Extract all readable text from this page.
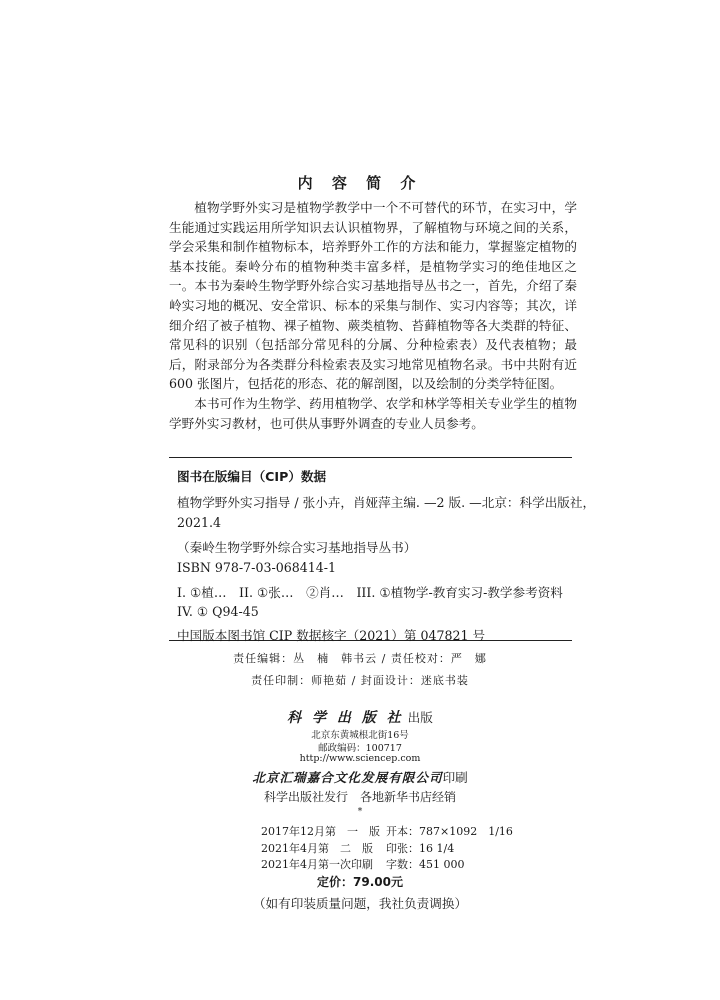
内 容 简 介

植物学野外实习是植物学教学中一个不可替代的环节，在实习中，学生能通过实践运用所学知识去认识植物界，了解植物与环境之间的关系，学会采集和制作植物标本，培养野外工作的方法和能力，掌握鉴定植物的基本技能。秦岭分布的植物种类丰富多样，是植物学实习的绝佳地区之一。本书为秦岭生物学野外综合实习基地指导丛书之一，首先，介绍了秦岭实习地的概况、安全常识、标本的采集与制作、实习内容等；其次，详细介绍了被子植物、裸子植物、蕨类植物、苔藓植物等各大类群的特征、常见科的识别（包括部分常见科的分属、分种检索表）及代表植物；最后，附录部分为各类群分科检索表及实习地常见植物名录。书中共附有近 600 张图片，包括花的形态、花的解剖图，以及绘制的分类学特征图。

本书可作为生物学、药用植物学、农学和林学等相关专业学生的植物学野外实习教材，也可供从事野外调查的专业人员参考。

图书在版编目（CIP）数据
植物学野外实习指导 / 张小卉，肖娅萍主编. —2 版. —北京：科学出版社，
2021.4
（秦岭生物学野外综合实习基地指导丛书）
ISBN 978-7-03-068414-1
I. ①植…　II. ①张…　②肖…　III. ①植物学-教育实习-教学参考资料
IV. ① Q94-45
中国版本图书馆 CIP 数据核字（2021）第 047821 号
责任编辑：丛　楠　韩书云 / 责任校对：严　娜
责任印制：师艳茹 / 封面设计：迷底书装
科 学 出 版 社 出版
北京东黄城根北街16号
邮政编码：100717
http://www.sciencep.com
北京汇瑞嘉合文化发展有限公司印刷
科学出版社发行　各地新华书店经销
*
2017年12月第　一　版 开本：787×1092　1/16
2021年4月第　二　版 印张：16 1/4
2021年4月第一次印刷 字数：451 000
定价：79.00元
（如有印装质量问题，我社负责调换）
